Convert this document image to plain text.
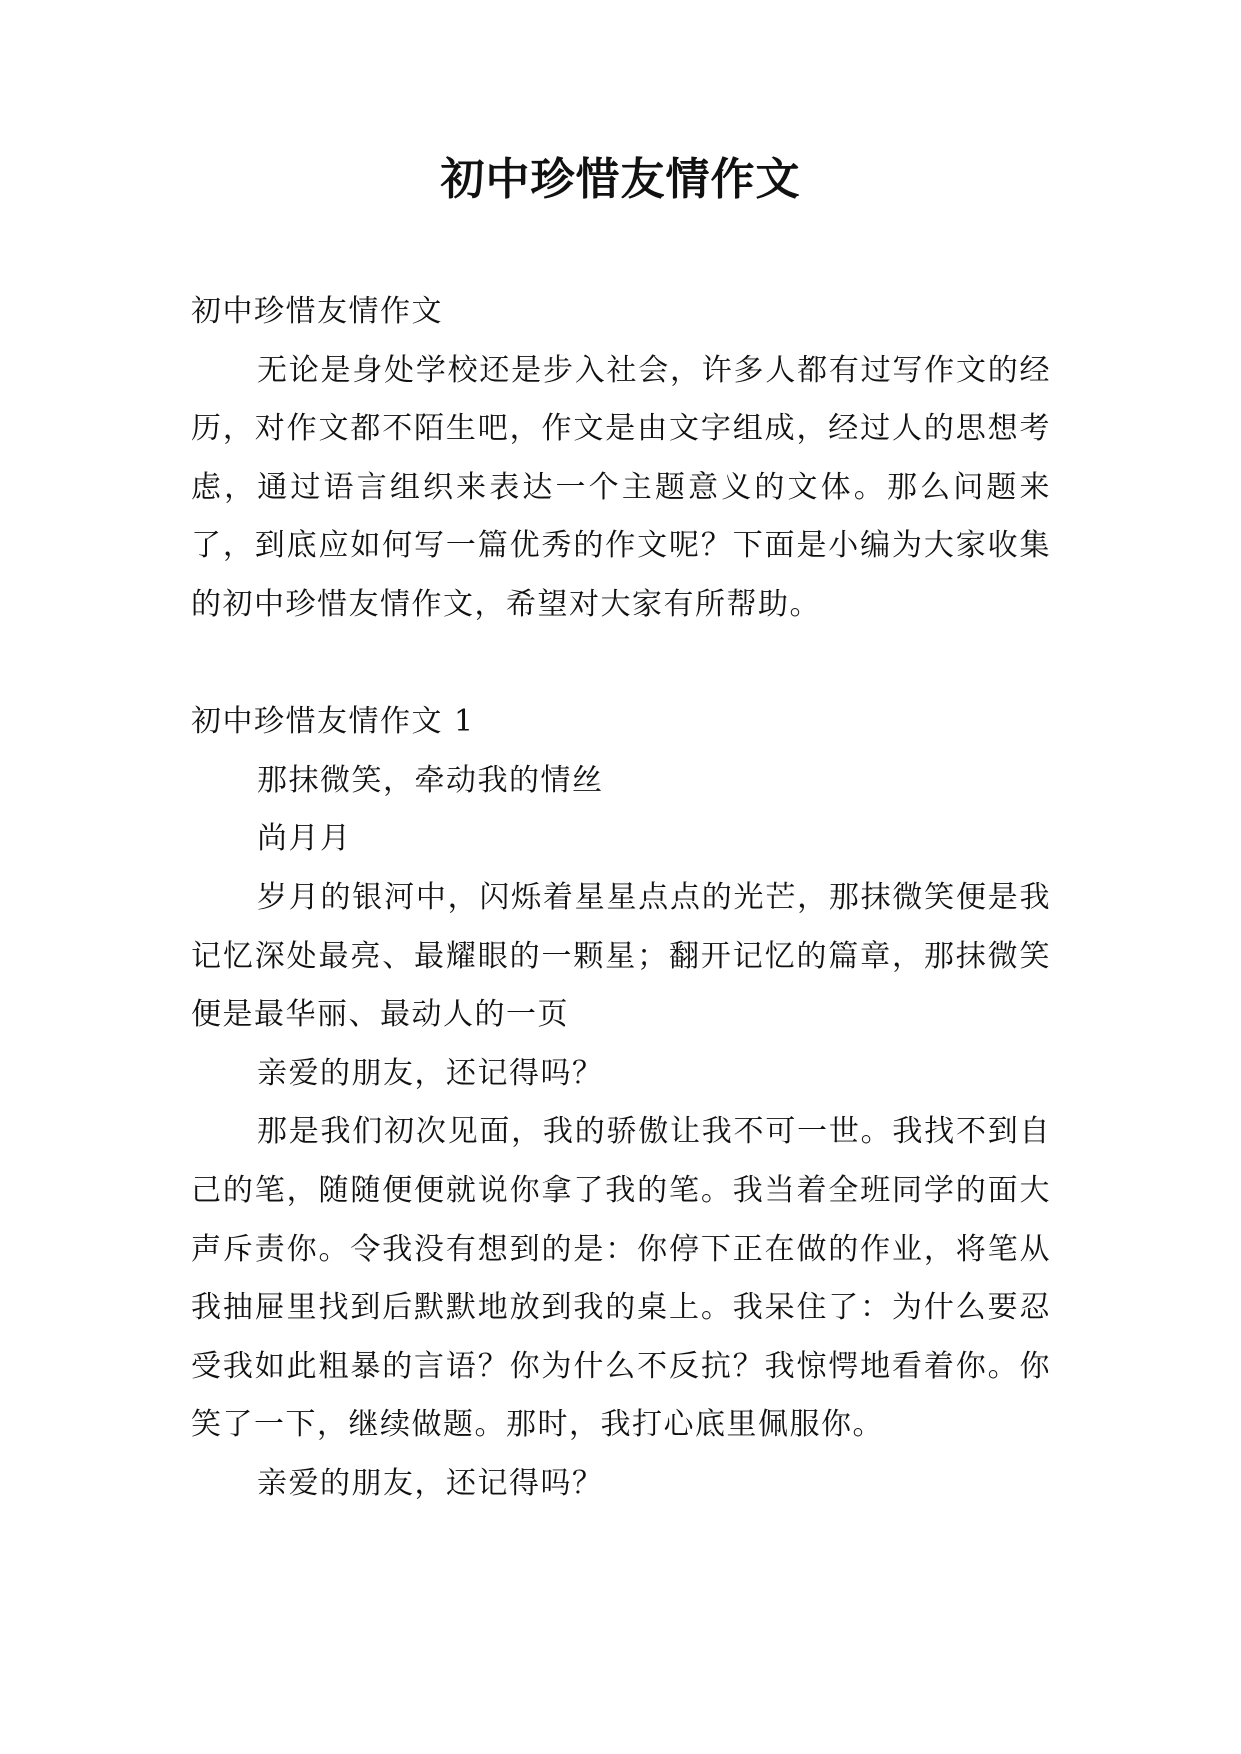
初中珍惜友情作文

初中珍惜友情作文

无论是身处学校还是步入社会，许多人都有过写作文的经历，对作文都不陌生吧，作文是由文字组成，经过人的思想考虑，通过语言组织来表达一个主题意义的文体。那么问题来了，到底应如何写一篇优秀的作文呢？下面是小编为大家收集的初中珍惜友情作文，希望对大家有所帮助。

初中珍惜友情作文 1

那抹微笑，牵动我的情丝

尚月月

岁月的银河中，闪烁着星星点点的光芒，那抹微笑便是我记忆深处最亮、最耀眼的一颗星；翻开记忆的篇章，那抹微笑便是最华丽、最动人的一页

亲爱的朋友，还记得吗？

那是我们初次见面，我的骄傲让我不可一世。我找不到自己的笔，随随便便就说你拿了我的笔。我当着全班同学的面大声斥责你。令我没有想到的是：你停下正在做的作业，将笔从我抽屉里找到后默默地放到我的桌上。我呆住了：为什么要忍受我如此粗暴的言语？你为什么不反抗？我惊愕地看着你。你笑了一下，继续做题。那时，我打心底里佩服你。

亲爱的朋友，还记得吗？
